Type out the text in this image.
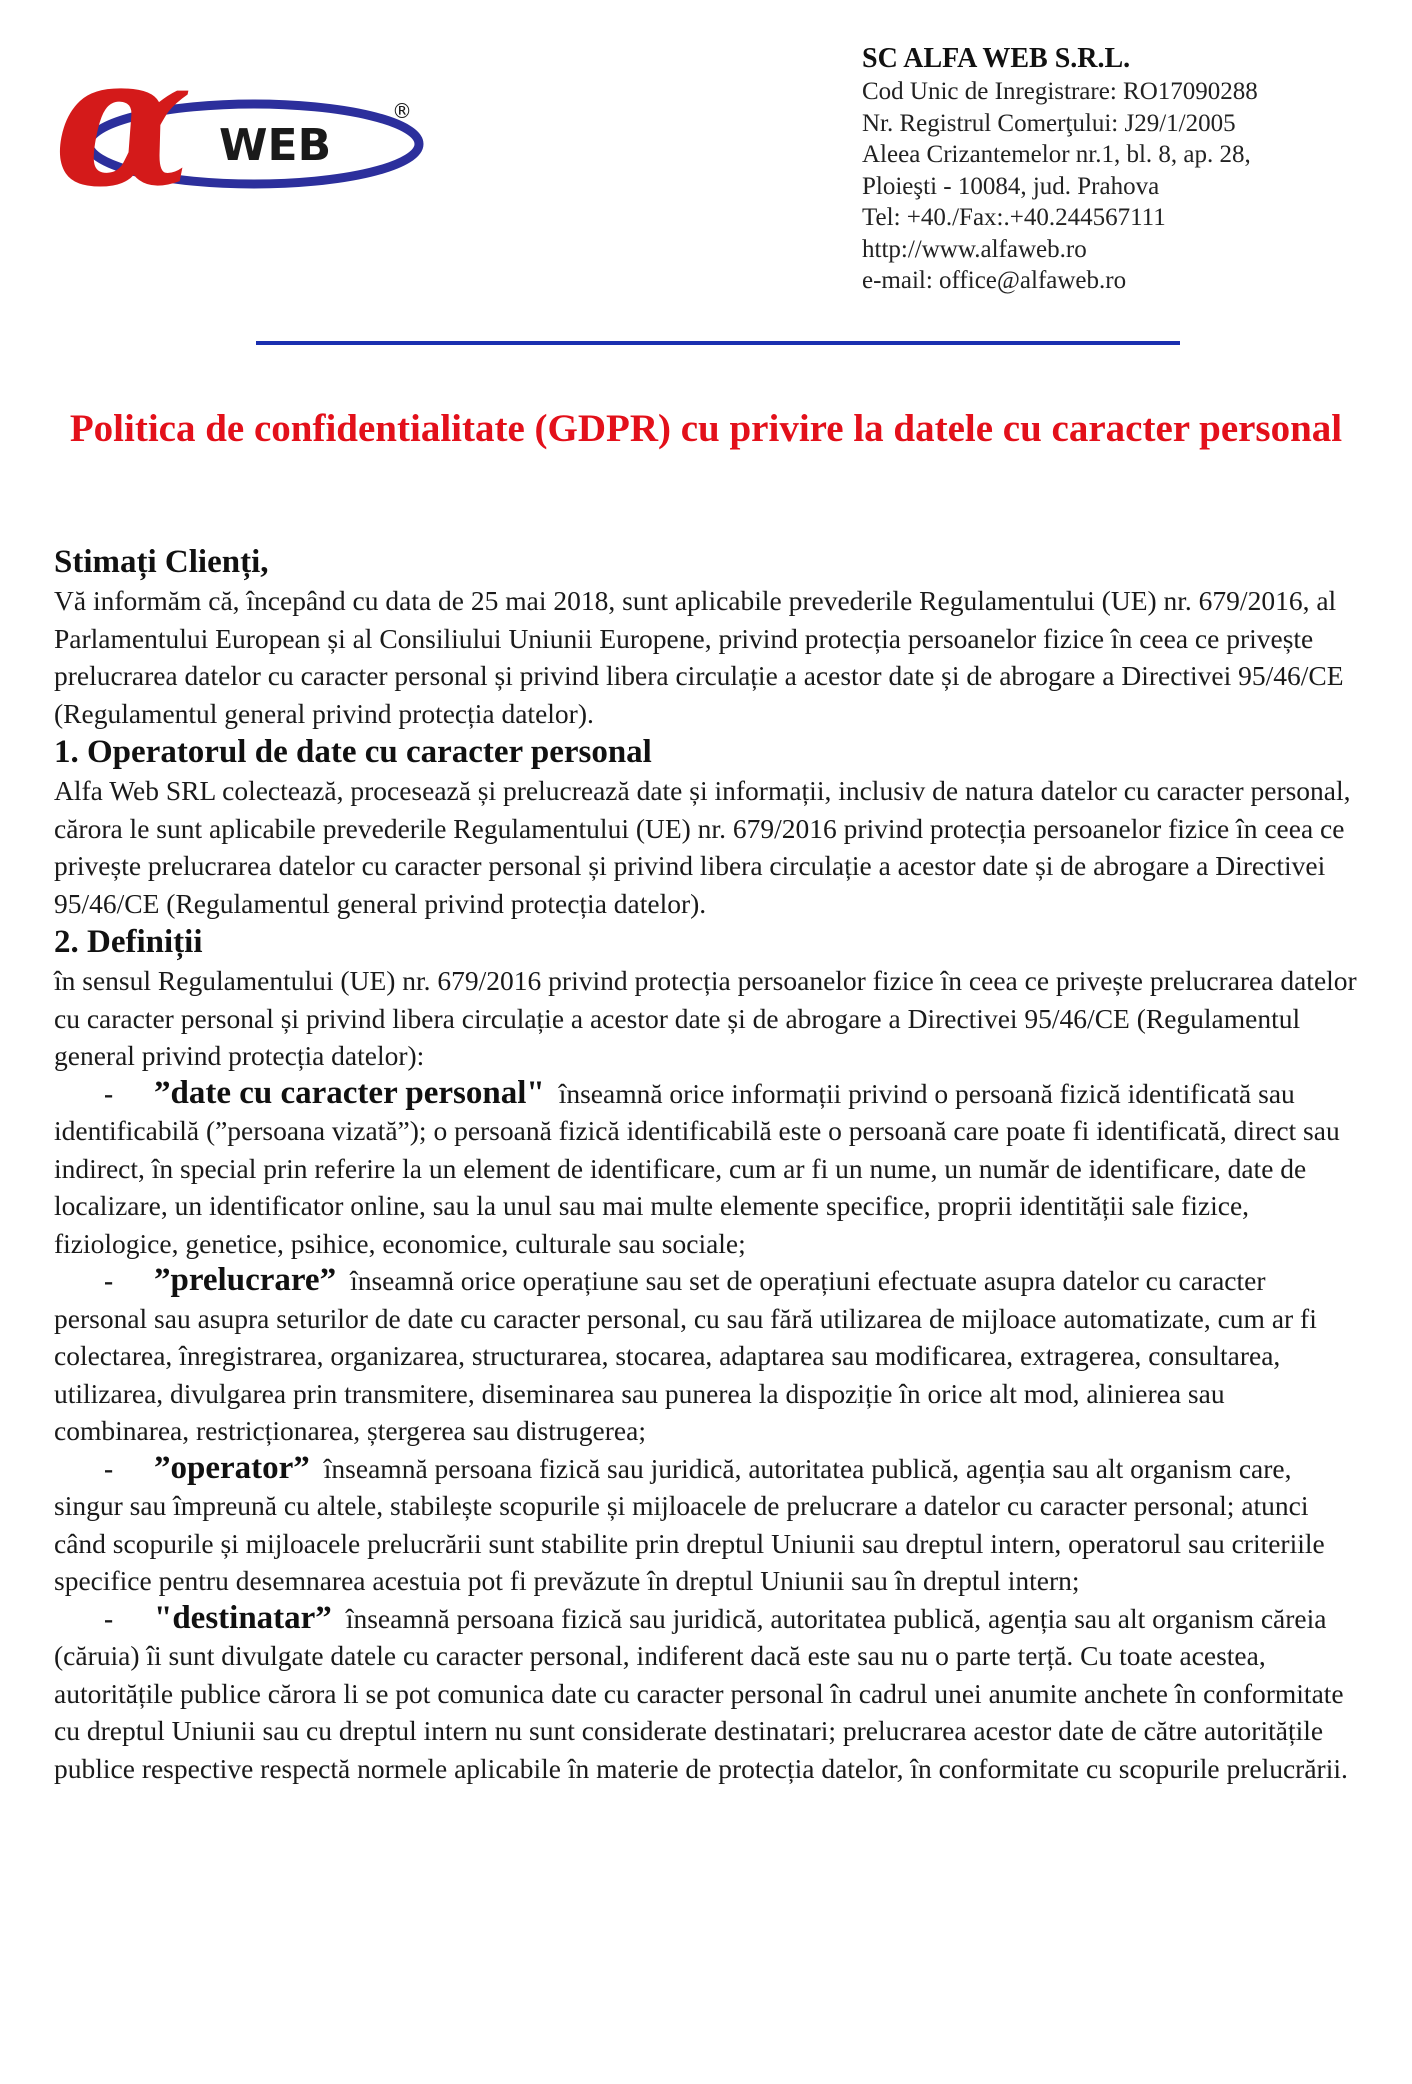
α WEB
®
SC ALFA WEB S.R.L.
Cod Unic de Inregistrare: RO17090288
Nr. Registrul Comerţului: J29/1/2005
Aleea Crizantemelor nr.1, bl. 8, ap. 28,
Ploieşti - 10084, jud. Prahova
Tel: +40./Fax:.+40.244567111
http://www.alfaweb.ro
e-mail: office@alfaweb.ro
Politica de confidentialitate (GDPR) cu privire la datele cu caracter personal

Stimați Clienți,

Vă informăm că, începând cu data de 25 mai 2018, sunt aplicabile prevederile Regulamentului (UE) nr. 679/2016, al Parlamentului European și al Consiliului Uniunii Europene, privind protecția persoanelor fizice în ceea ce privește prelucrarea datelor cu caracter personal și privind libera circulație a acestor date și de abrogare a Directivei 95/46/CE (Regulamentul general privind protecția datelor).

1. Operatorul de date cu caracter personal

Alfa Web SRL colectează, procesează și prelucrează date și informații, inclusiv de natura datelor cu caracter personal, cărora le sunt aplicabile prevederile Regulamentului (UE) nr. 679/2016 privind protecția persoanelor fizice în ceea ce privește prelucrarea datelor cu caracter personal și privind libera circulație a acestor date și de abrogare a Directivei 95/46/CE (Regulamentul general privind protecția datelor).

2. Definiții

în sensul Regulamentului (UE) nr. 679/2016 privind protecția persoanelor fizice în ceea ce privește prelucrarea datelor cu caracter personal și privind libera circulație a acestor date și de abrogare a Directivei 95/46/CE (Regulamentul general privind protecția datelor):

- ”date cu caracter personal" înseamnă orice informații privind o persoană fizică identificată sau identificabilă (”persoana vizată”); o persoană fizică identificabilă este o persoană care poate fi identificată, direct sau indirect, în special prin referire la un element de identificare, cum ar fi un nume, un număr de identificare, date de localizare, un identificator online, sau la unul sau mai multe elemente specifice, proprii identității sale fizice, fiziologice, genetice, psihice, economice, culturale sau sociale;

- ”prelucrare” înseamnă orice operațiune sau set de operațiuni efectuate asupra datelor cu caracter personal sau asupra seturilor de date cu caracter personal, cu sau fără utilizarea de mijloace automatizate, cum ar fi colectarea, înregistrarea, organizarea, structurarea, stocarea, adaptarea sau modificarea, extragerea, consultarea, utilizarea, divulgarea prin transmitere, diseminarea sau punerea la dispoziție în orice alt mod, alinierea sau combinarea, restricționarea, ștergerea sau distrugerea;

- ”operator” înseamnă persoana fizică sau juridică, autoritatea publică, agenția sau alt organism care, singur sau împreună cu altele, stabilește scopurile și mijloacele de prelucrare a datelor cu caracter personal; atunci când scopurile și mijloacele prelucrării sunt stabilite prin dreptul Uniunii sau dreptul intern, operatorul sau criteriile specifice pentru desemnarea acestuia pot fi prevăzute în dreptul Uniunii sau în dreptul intern;

- "destinatar” înseamnă persoana fizică sau juridică, autoritatea publică, agenția sau alt organism căreia (căruia) îi sunt divulgate datele cu caracter personal, indiferent dacă este sau nu o parte terță. Cu toate acestea, autoritățile publice cărora li se pot comunica date cu caracter personal în cadrul unei anumite anchete în conformitate cu dreptul Uniunii sau cu dreptul intern nu sunt considerate destinatari; prelucrarea acestor date de către autoritățile publice respective respectă normele aplicabile în materie de protecția datelor, în conformitate cu scopurile prelucrării.
